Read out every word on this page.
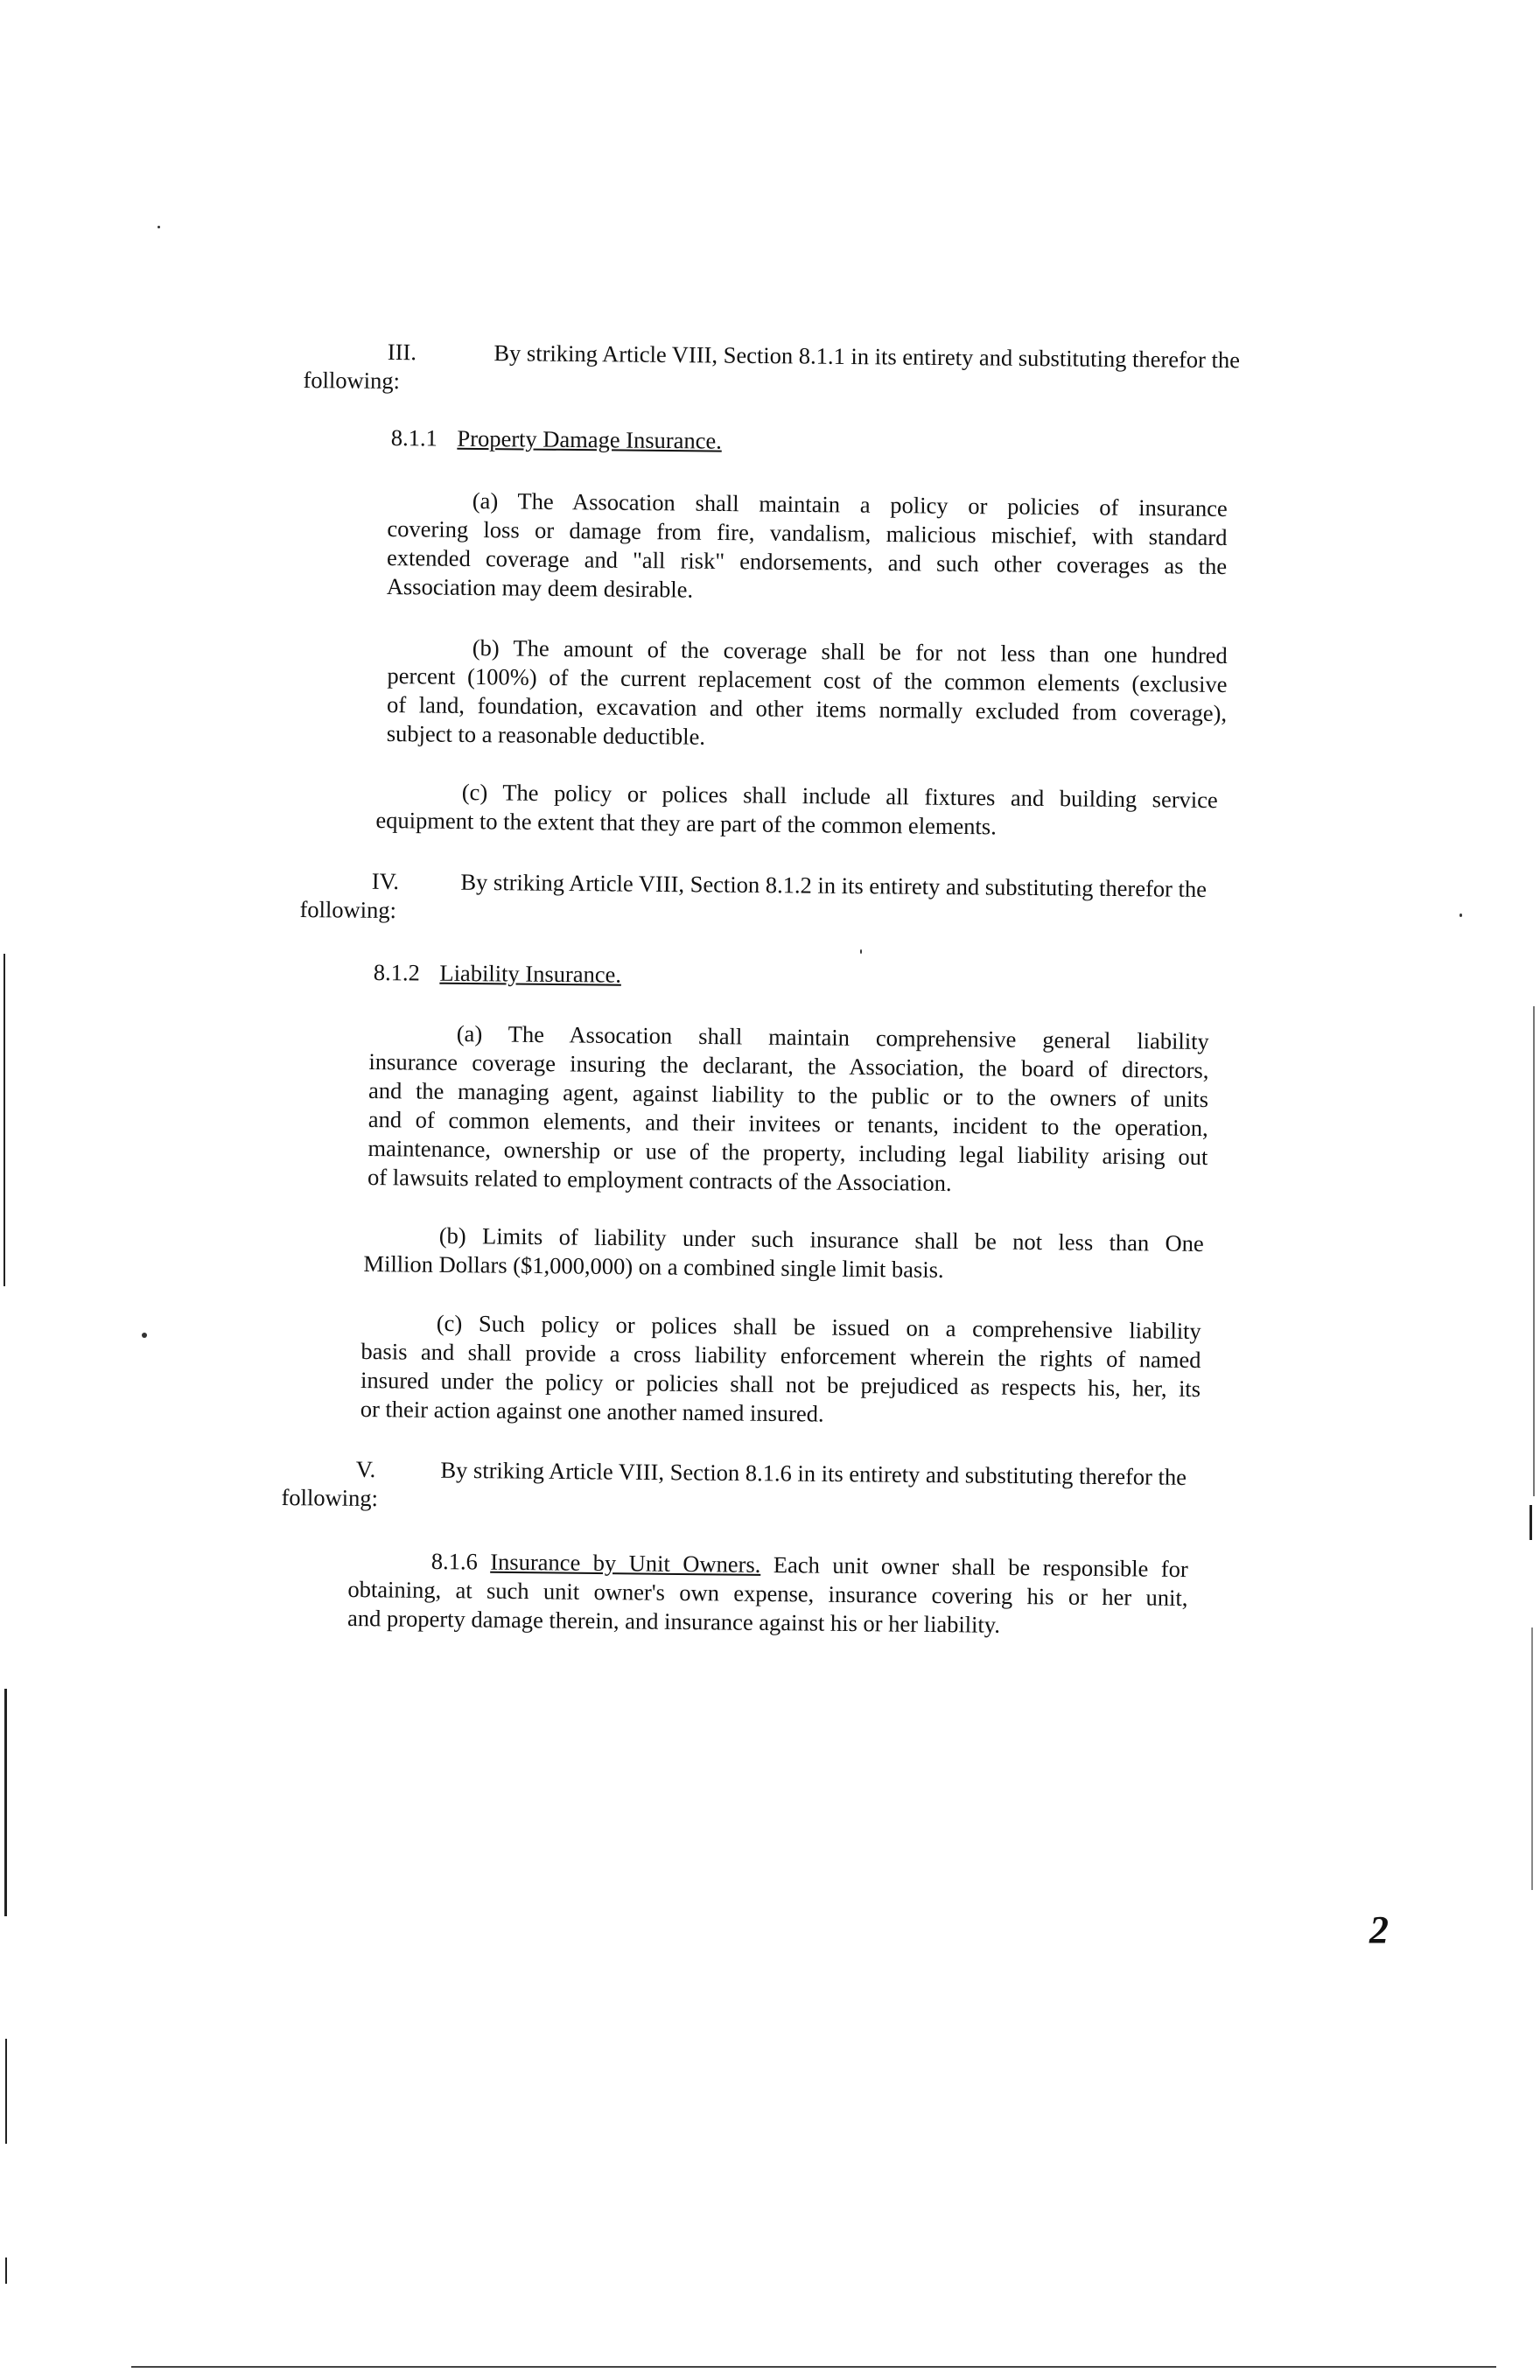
III.	By striking Article VIII, Section 8.1.1 in its entirety and substituting therefor the
following:
8.1.1 Property Damage Insurance.
(a) The Assocation shall maintain a policy or policies of insurance
covering loss or damage from fire, vandalism, malicious mischief, with standard
extended coverage and "all risk" endorsements, and such other coverages as the
Association may deem desirable.
(b) The amount of the coverage shall be for not less than one hundred
percent (100%) of the current replacement cost of the common elements (exclusive
of land, foundation, excavation and other items normally excluded from coverage),
subject to a reasonable deductible.
(c) The policy or polices shall include all fixtures and building service
equipment to the extent that they are part of the common elements.
IV.	By striking Article VIII, Section 8.1.2 in its entirety and substituting therefor the
following:
8.1.2 Liability Insurance.
(a) The Assocation shall maintain comprehensive general liability
insurance coverage insuring the declarant, the Association, the board of directors,
and the managing agent, against liability to the public or to the owners of units
and of common elements, and their invitees or tenants, incident to the operation,
maintenance, ownership or use of the property, including legal liability arising out
of lawsuits related to employment contracts of the Association.
(b) Limits of liability under such insurance shall be not less than One
Million Dollars ($1,000,000) on a combined single limit basis.
(c) Such policy or polices shall be issued on a comprehensive liability
basis and shall provide a cross liability enforcement wherein the rights of named
insured under the policy or policies shall not be prejudiced as respects his, her, its
or their action against one another named insured.
V.	By striking Article VIII, Section 8.1.6 in its entirety and substituting therefor the
following:
8.1.6 Insurance by Unit Owners. Each unit owner shall be responsible for
obtaining, at such unit owner's own expense, insurance covering his or her unit,
and property damage therein, and insurance against his or her liability.
2
